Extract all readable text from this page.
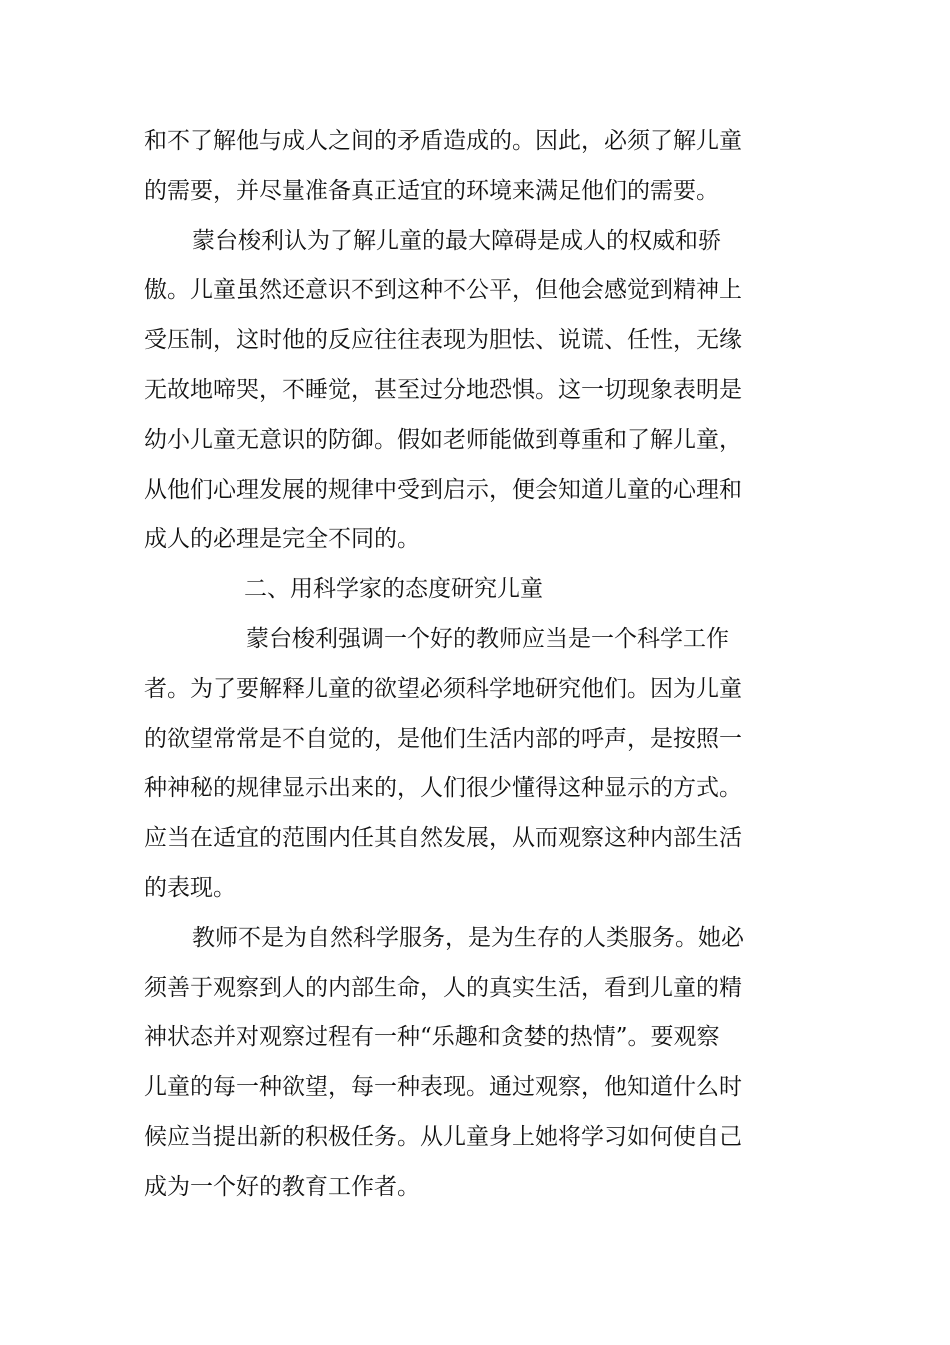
和不了解他与成人之间的矛盾造成的。因此，必须了解儿童
的需要，并尽量准备真正适宜的环境来满足他们的需要。
蒙台梭利认为了解儿童的最大障碍是成人的权威和骄
傲。儿童虽然还意识不到这种不公平，但他会感觉到精神上
受压制，这时他的反应往往表现为胆怯、说谎、任性，无缘
无故地啼哭，不睡觉，甚至过分地恐惧。这一切现象表明是
幼小儿童无意识的防御。假如老师能做到尊重和了解儿童，
从他们心理发展的规律中受到启示，便会知道儿童的心理和
成人的必理是完全不同的。
二、用科学家的态度研究儿童
蒙台梭利强调一个好的教师应当是一个科学工作
者。为了要解释儿童的欲望必须科学地研究他们。因为儿童
的欲望常常是不自觉的，是他们生活内部的呼声，是按照一
种神秘的规律显示出来的，人们很少懂得这种显示的方式。
应当在适宜的范围内任其自然发展，从而观察这种内部生活
的表现。
教师不是为自然科学服务，是为生存的人类服务。她必
须善于观察到人的内部生命，人的真实生活，看到儿童的精
神状态并对观察过程有一种“乐趣和贪婪的热情”。要观察
儿童的每一种欲望，每一种表现。通过观察，他知道什么时
候应当提出新的积极任务。从儿童身上她将学习如何使自己
成为一个好的教育工作者。
